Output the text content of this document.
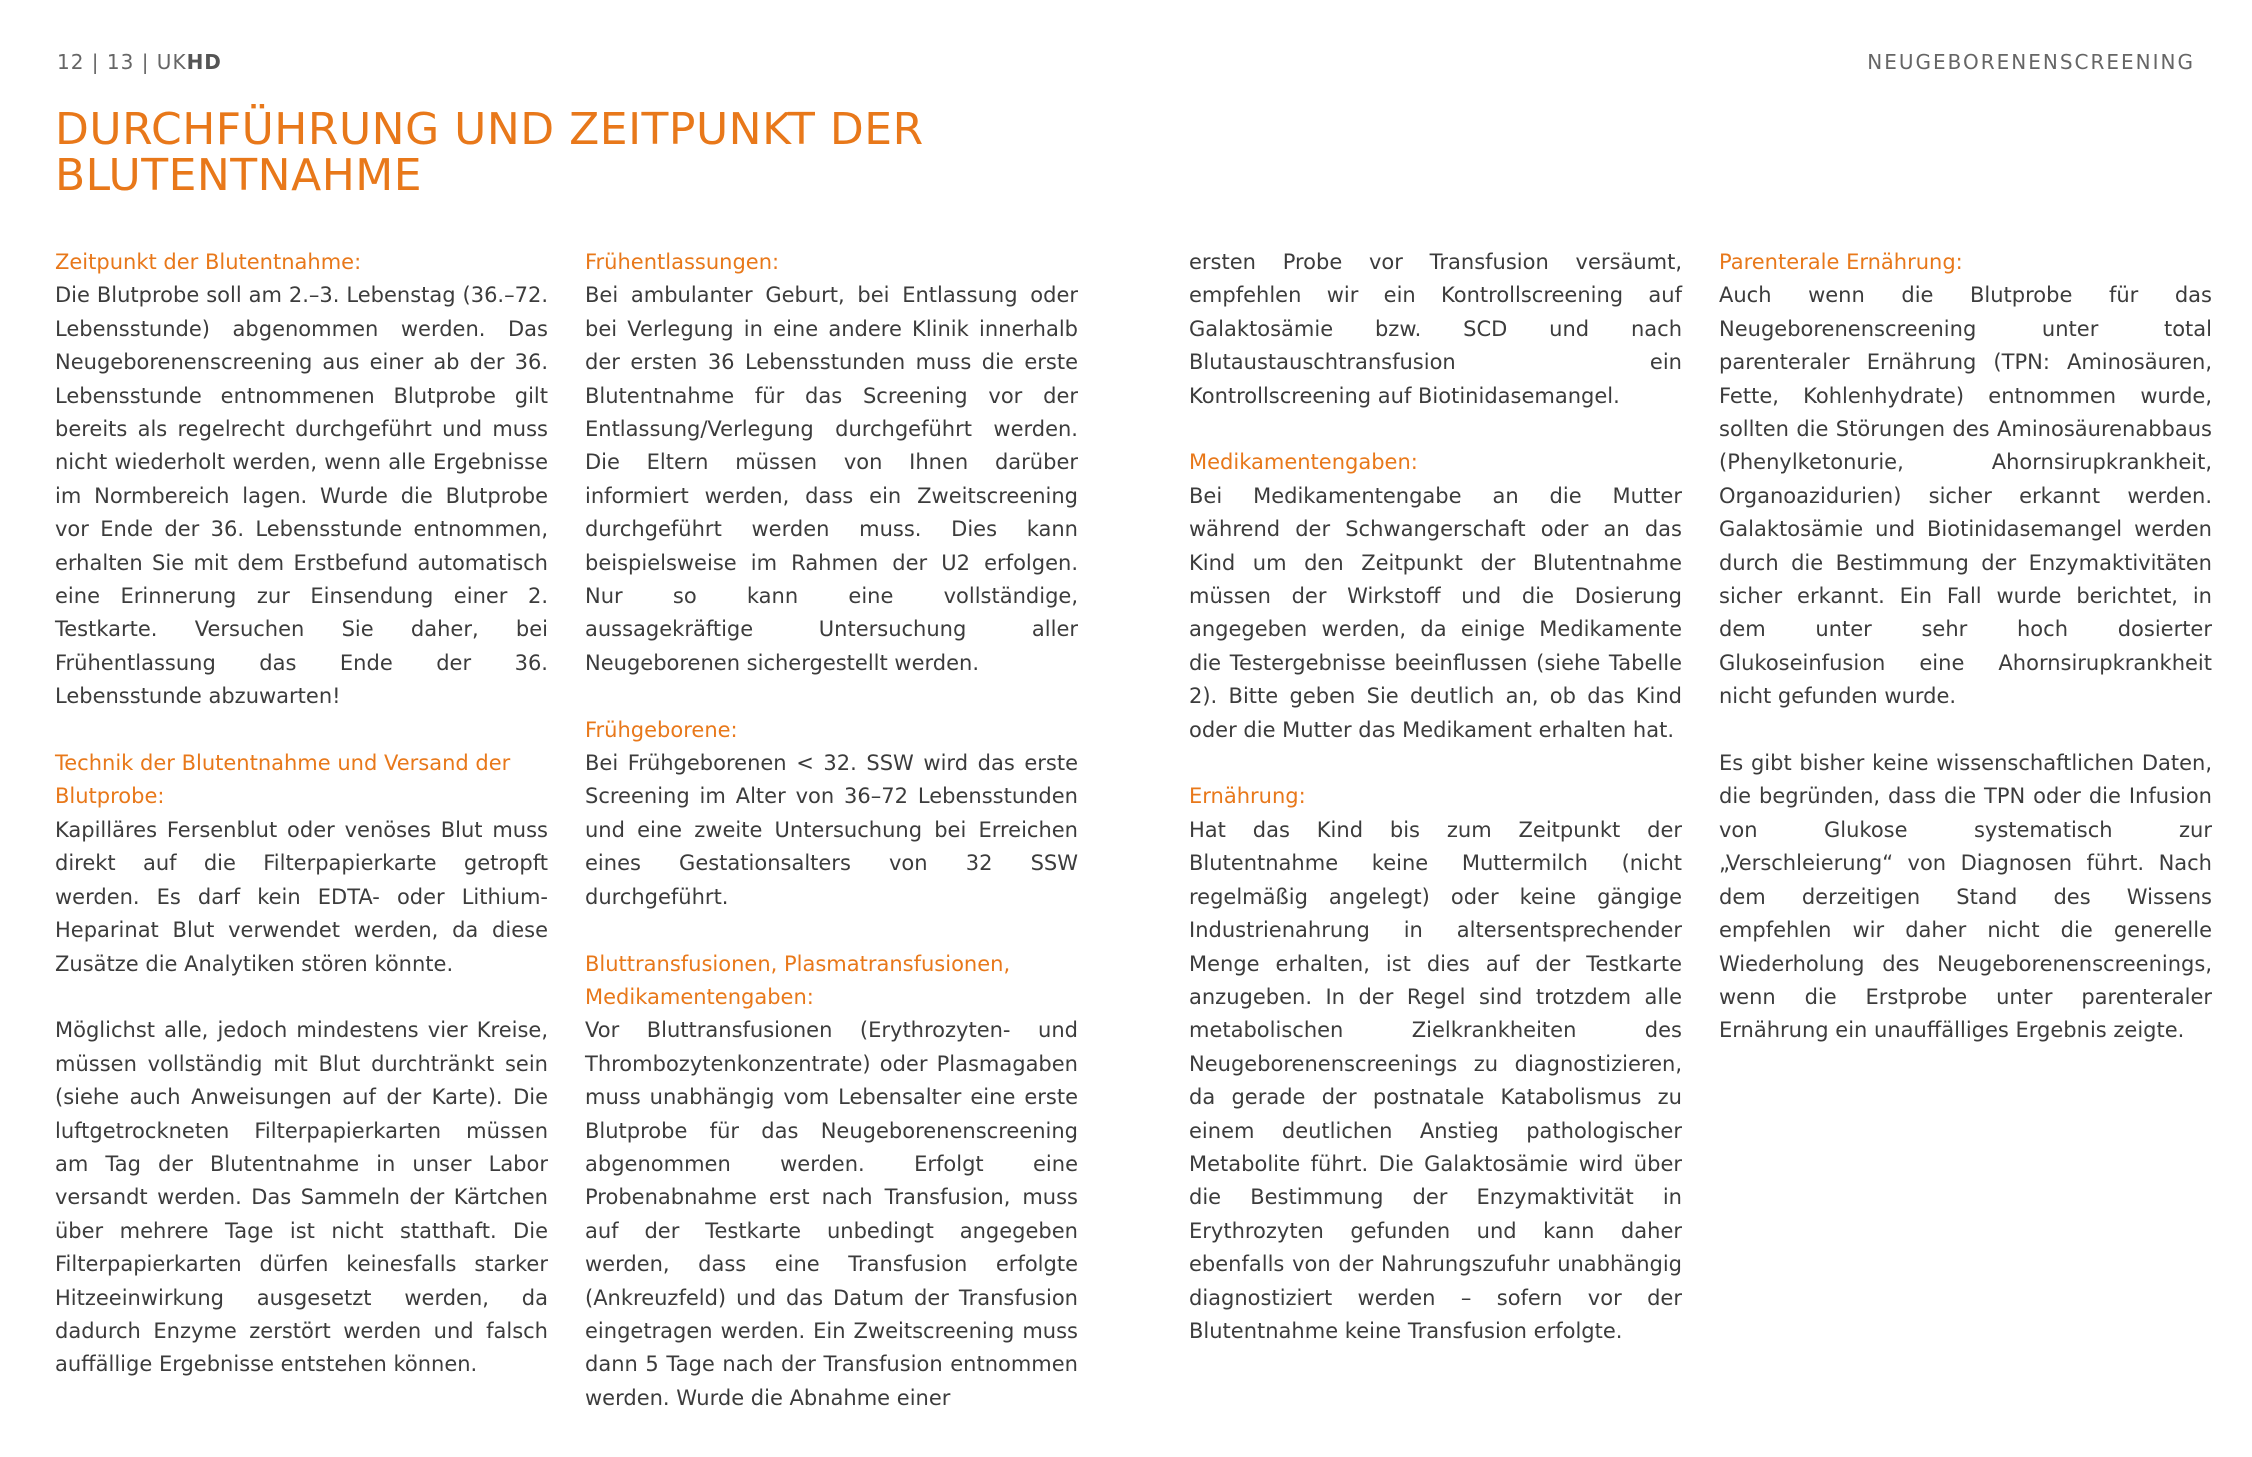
12 | 13 | UKHD	NEUGEBORENENSCREENING
DURCHFÜHRUNG UND ZEITPUNKT DER BLUTENTNAHME
Zeitpunkt der Blutentnahme:

Die Blutprobe soll am 2.–3. Lebenstag (36.–72. Lebensstunde) abgenommen werden. Das Neugeborenenscreening aus einer ab der 36. Lebensstunde entnommenen Blutprobe gilt bereits als regelrecht durchgeführt und muss nicht wiederholt werden, wenn alle Ergebnisse im Normbereich lagen. Wurde die Blutprobe vor Ende der 36. Lebensstunde entnommen, erhalten Sie mit dem Erstbefund automatisch eine Erinnerung zur Einsendung einer 2. Testkarte. Versuchen Sie daher, bei Frühentlassung das Ende der 36. Lebensstunde abzuwarten!

Technik der Blutentnahme und Versand der Blutprobe:

Kapilläres Fersenblut oder venöses Blut muss direkt auf die Filterpapierkarte getropft werden. Es darf kein EDTA- oder Lithium-Heparinat Blut verwendet werden, da diese Zusätze die Analytiken stören könnte.

Möglichst alle, jedoch mindestens vier Kreise, müssen vollständig mit Blut durchtränkt sein (siehe auch Anweisungen auf der Karte). Die luftgetrockneten Filterpapierkarten müssen am Tag der Blutentnahme in unser Labor versandt werden. Das Sammeln der Kärtchen über mehrere Tage ist nicht statthaft. Die Filterpapierkarten dürfen keinesfalls starker Hitzeeinwirkung ausgesetzt werden, da dadurch Enzyme zerstört werden und falsch auffällige Ergebnisse entstehen können.

Frühentlassungen:

Bei ambulanter Geburt, bei Entlassung oder bei Verlegung in eine andere Klinik innerhalb der ersten 36 Lebensstunden muss die erste Blutentnahme für das Screening vor der Entlassung/Verlegung durchgeführt werden. Die Eltern müssen von Ihnen darüber informiert werden, dass ein Zweitscreening durchgeführt werden muss. Dies kann beispielsweise im Rahmen der U2 erfolgen. Nur so kann eine vollständige, aussagekräftige Untersuchung aller Neugeborenen sichergestellt werden.

Frühgeborene:

Bei Frühgeborenen < 32. SSW wird das erste Screening im Alter von 36–72 Lebensstunden und eine zweite Untersuchung bei Erreichen eines Gestationsalters von 32 SSW durchgeführt.

Bluttransfusionen, Plasmatransfusionen, Medikamentengaben:

Vor Bluttransfusionen (Erythrozyten- und Thrombozytenkonzentrate) oder Plasmagaben muss unabhängig vom Lebensalter eine erste Blutprobe für das Neugeborenenscreening abgenommen werden. Erfolgt eine Probenabnahme erst nach Transfusion, muss auf der Testkarte unbedingt angegeben werden, dass eine Transfusion erfolgte (Ankreuzfeld) und das Datum der Transfusion eingetragen werden. Ein Zweitscreening muss dann 5 Tage nach der Transfusion entnommen werden. Wurde die Abnahme einer

ersten Probe vor Transfusion versäumt, empfehlen wir ein Kontrollscreening auf Galaktosämie bzw. SCD und nach Blutaustauschtransfusion ein Kontrollscreening auf Biotinidasemangel.

Medikamentengaben:

Bei Medikamentengabe an die Mutter während der Schwangerschaft oder an das Kind um den Zeitpunkt der Blutentnahme müssen der Wirkstoff und die Dosierung angegeben werden, da einige Medikamente die Testergebnisse beeinflussen (siehe Tabelle 2). Bitte geben Sie deutlich an, ob das Kind oder die Mutter das Medikament erhalten hat.

Ernährung:

Hat das Kind bis zum Zeitpunkt der Blutentnahme keine Muttermilch (nicht regelmäßig angelegt) oder keine gängige Industrienahrung in altersentsprechender Menge erhalten, ist dies auf der Testkarte anzugeben. In der Regel sind trotzdem alle metabolischen Zielkrankheiten des Neugeborenenscreenings zu diagnostizieren, da gerade der postnatale Katabolismus zu einem deutlichen Anstieg pathologischer Metabolite führt. Die Galaktosämie wird über die Bestimmung der Enzymaktivität in Erythrozyten gefunden und kann daher ebenfalls von der Nahrungszufuhr unabhängig diagnostiziert werden – sofern vor der Blutentnahme keine Transfusion erfolgte.

Parenterale Ernährung:

Auch wenn die Blutprobe für das Neugeborenenscreening unter total parenteraler Ernährung (TPN: Aminosäuren, Fette, Kohlenhydrate) entnommen wurde, sollten die Störungen des Aminosäurenabbaus (Phenylketonurie, Ahornsirupkrankheit, Organoazidurien) sicher erkannt werden. Galaktosämie und Biotinidasemangel werden durch die Bestimmung der Enzymaktivitäten sicher erkannt. Ein Fall wurde berichtet, in dem unter sehr hoch dosierter Glukoseinfusion eine Ahornsirupkrankheit nicht gefunden wurde.

Es gibt bisher keine wissenschaftlichen Daten, die begründen, dass die TPN oder die Infusion von Glukose systematisch zur „Verschleierung“ von Diagnosen führt. Nach dem derzeitigen Stand des Wissens empfehlen wir daher nicht die generelle Wiederholung des Neugeborenenscreenings, wenn die Erstprobe unter parenteraler Ernährung ein unauffälliges Ergebnis zeigte.
